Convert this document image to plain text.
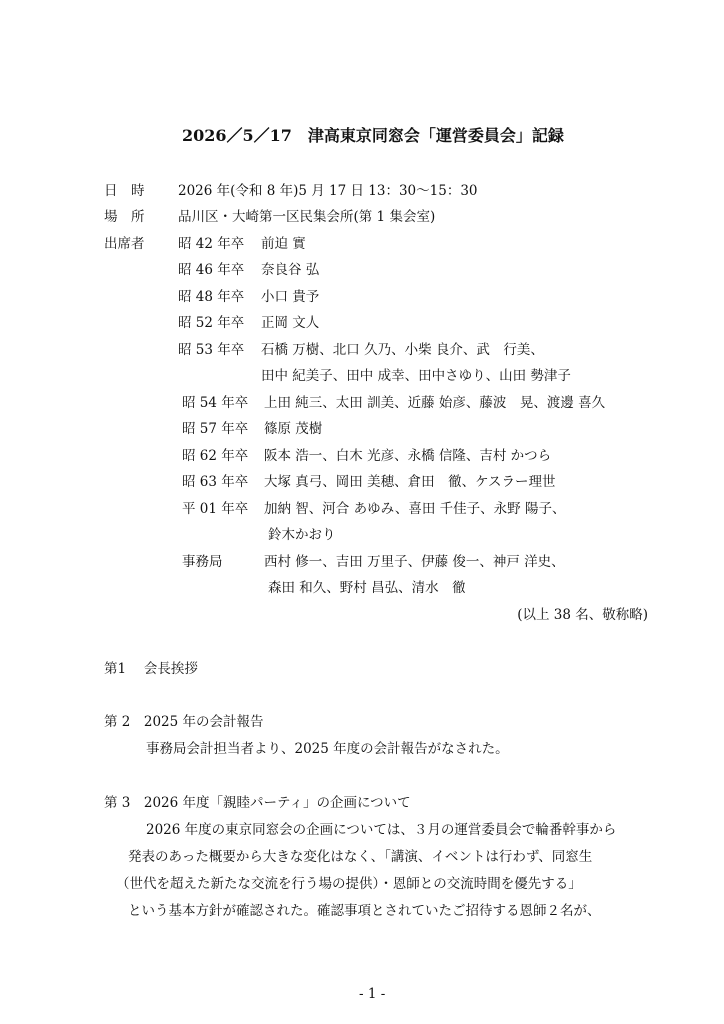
2026／5／17　津高東京同窓会「運営委員会」記録
日　時 2026 年(令和 8 年)5 月 17 日 13：30～15：30
場　所 品川区・大崎第一区民集会所(第 1 集会室)
出席者 昭 42 年卒 前迫 實
昭 46 年卒 奈良谷 弘
昭 48 年卒 小口 貴予
昭 52 年卒 正岡 文人
昭 53 年卒 石橋 万樹、北口 久乃、小柴 良介、武　行美、
田中 紀美子、田中 成幸、田中さゆり、山田 勢津子
昭 54 年卒 上田 純三、太田 訓美、近藤 始彦、藤波　晃、渡邊 喜久
昭 57 年卒 篠原 茂樹
昭 62 年卒 阪本 浩一、白木 光彦、永橋 信隆、吉村 かつら
昭 63 年卒 大塚 真弓、岡田 美穂、倉田　徹、ケスラー理世
平 01 年卒 加納 智、河合 あゆみ、喜田 千佳子、永野 陽子、
鈴木かおり
事務局	西村 修一、吉田 万里子、伊藤 俊一、神戸 洋史、
森田 和久、野村 昌弘、清水　徹
(以上 38 名、敬称略)
第1　 会長挨拶
第 2　2025 年の会計報告
事務局会計担当者より、2025 年度の会計報告がなされた。
第 3　2026 年度「親睦パーティ」の企画について
2026 年度の東京同窓会の企画については、３月の運営委員会で輪番幹事から
発表のあった概要から大きな変化はなく、「講演、イベントは行わず、同窓生
（世代を超えた新たな交流を行う場の提供）・恩師との交流時間を優先する」
という基本方針が確認された。確認事項とされていたご招待する恩師２名が、
- 1 -
